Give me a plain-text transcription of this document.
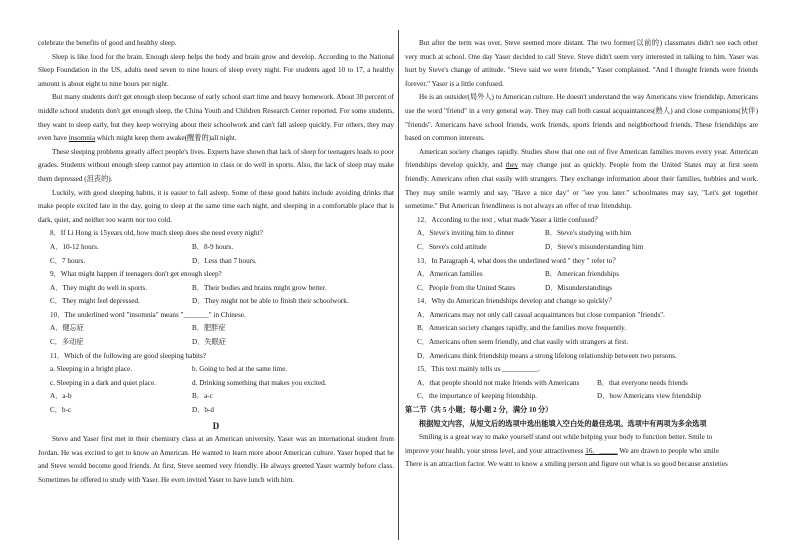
celebrate the benefits of good and healthy sleep.

Sleep is like food for the brain. Enough sleep helps the body and brain grow and develop. According to the National Sleep Foundation in the US, adults need seven to nine hours of sleep every night. For students aged 10 to 17, a healthy amount is about eight to nine hours per night.

But many students don't get enough sleep because of early school start time and heavy homework. About 30 percent of middle school students don't get enough sleep, the China Youth and Children Research Center reported. For some students, they want to sleep early, but they keep worrying about their schoolwork and can't fall asleep quickly. For others, they may even have insomnia which might keep them awake(醒着的)all night.

These sleeping problems greatly affect people's lives. Experts have shown that lack of sleep for teenagers leads to poor grades. Students without enough sleep cannot pay attention in class or do well in sports. Also, the lack of sleep may make them depressed (沮丧的).

Luckily, with good sleeping habits, it is easier to fall asleep. Some of these good habits include avoiding drinks that make people excited late in the day, going to sleep at the same time each night, and sleeping in a comfortable place that is dark, quiet, and neither too warm nor too cold.

8．If Li Hong is 15years old, how much sleep does she need every night?

A．10-12 hours.	B．8-9 hours.
C．7 hours.	D．Less than 7 hours.

9．What might happen if teenagers don't get enough sleep?

A．They might do well in sports.	B．Their bodies and brains might grow better.
C．They might feel depressed.	D．They might not be able to finish their schoolwork.

10．The underlined word "insomnia" means "_______" in Chinese.

A．健忘症	B．肥胖症
C．多动症	D．失眠症

11．Which of the following are good sleeping habits?

a. Sleeping in a bright place.	b. Going to bed at the same time.
c. Sleeping in a dark and quiet place.	d. Drinking something that makes you excited.
A．a-b	B．a-c
C．b-c	D．b-d

D

Steve and Yaser first met in their chemistry class at an American university. Yaser was an international student from Jordan. He was excited to get to know an American. He wanted to learn more about American culture. Yaser hoped that he and Steve would become good friends. At first, Steve seemed very friendly. He always greeted Yaser warmly before class. Sometimes he offered to study with Yaser. He even invited Yaser to have lunch with him.

But after the term was over, Steve seemed more distant. The two former(以前的) classmates didn't see each other very much at school. One day Yaser decided to call Steve. Steve didn't seem very interested in talking to him. Yaser was hurt by Steve's change of attitude. "Steve said we were friends," Yaser complained. "And I thought friends were friends forever." Yaser is a little confused.

He is an outsider(局外人) to American culture. He doesn't understand the way Americans view friendship. Americans use the word "friend" in a very general way. They may call both casual acquaintances(熟人) and close companions(伙伴) "friends". Americans have school friends, work friends, sports friends and neighborhood friends. These friendships are based on common interests.

American society changes rapidly. Studies show that one out of five American families moves every year. American friendships develop quickly, and they may change just as quickly. People from the United States may at first seem friendly. Americans often chat easily with strangers. They exchange information about their families, hobbies and work. They may smile warmly and say, "Have a nice day" or "see you later." schoolmates may say, "Let's get together sometime." But American friendliness is not always an offer of true friendship.

12．According to the text , what made Yaser a little confused？

A．Steve's inviting him to dinner	B．Steve's studying with him
C．Steve's cold attitude	D．Steve's misunderstanding him

13．In Paragraph 4, what does the underlined word " they " refer to？

A．American families	B．American friendships
C．People from the United States	D．Misunderstandings

14．Why do American friendships develop and change so quickly？

A．Americans may not only call casual acquaintances but close companion "friends".

B．American society changes rapidly, and the families move frequently.

C．Americans often seem friendly, and chat easily with strangers at first.

D．Americans think friendship means a strong lifelong relationship between two persons.

15．This text mainly tells us __________.

A．that people should not make friends with Americans	B．that everyone needs friends
C．the importance of keeping friendship.	D．how Americans view friendship

第二节（共 5 小题；每小题 2 分，满分 10 分）

根据短文内容，从短文后的选项中选出能填入空白处的最佳选项。选项中有两项为多余选项

Smiling is a great way to make yourself stand out while helping your body to function better. Smile to

improve your health, your stress level, and your attractiveness 16．_____ We are drawn to people who smile

There is an attraction factor. We want to know a smiling person and figure out what is so good because anxieties
